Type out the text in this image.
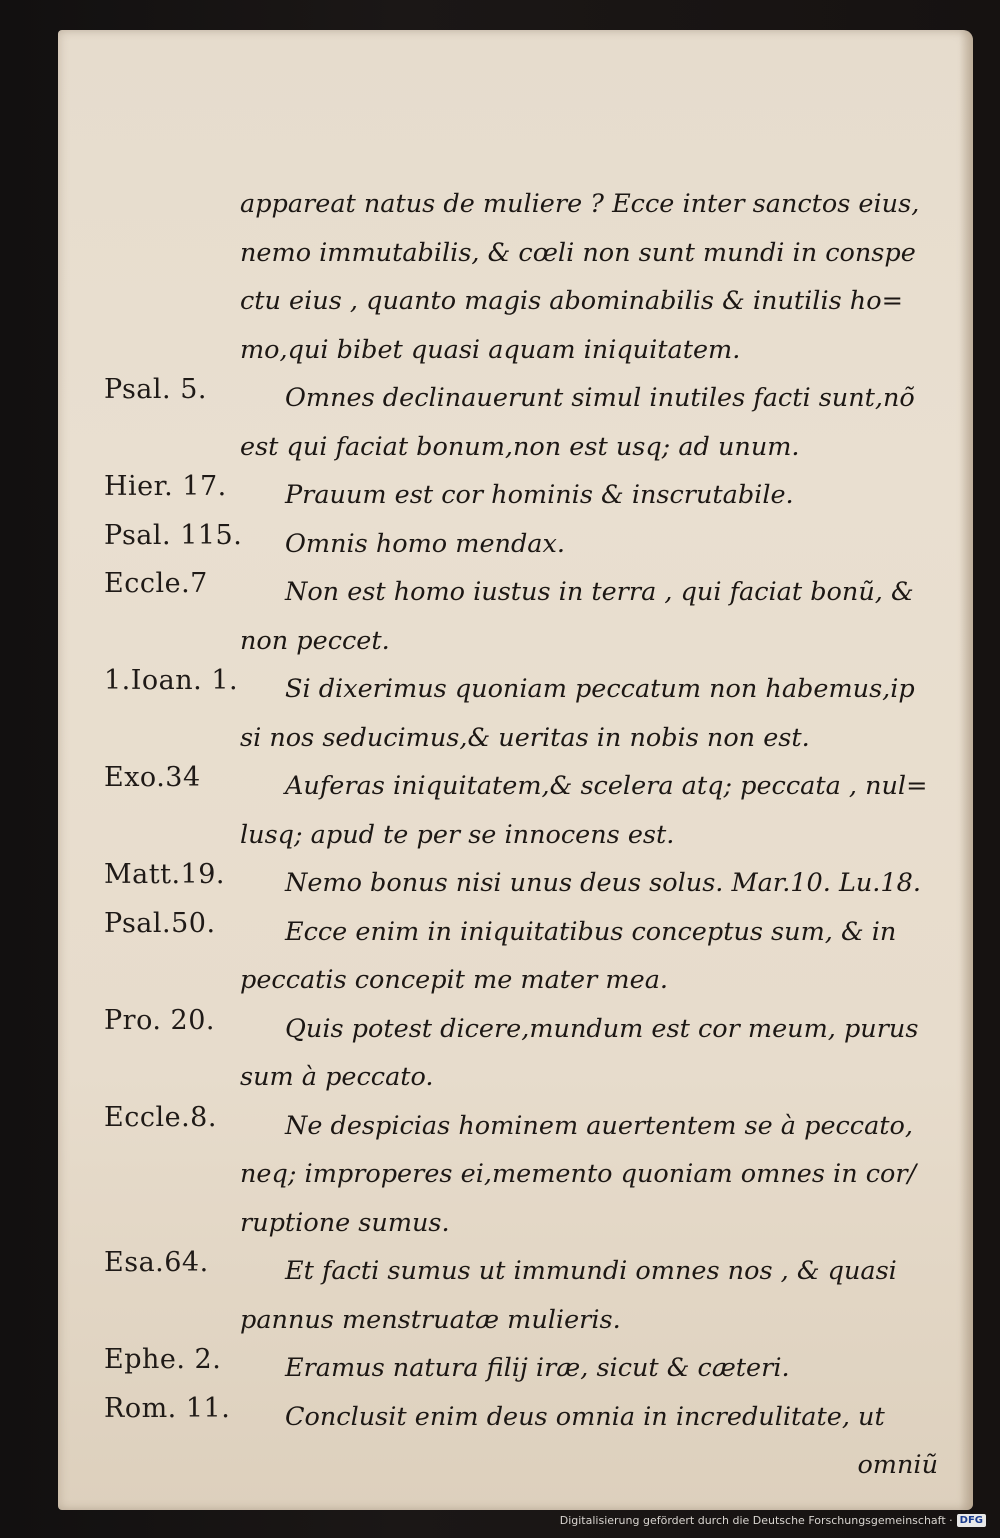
appareat natus de muliere ? Ecce inter sanctos eius,
nemo immutabilis, & cœli non sunt mundi in conspe
ctu eius , quanto magis abominabilis & inutilis ho=
mo,qui bibet quasi aquam iniquitatem.
Psal. 5.	Omnes declinauerunt simul inutiles facti sunt,nõ
est qui faciat bonum,non est usq; ad unum.
Hier. 17.	Prauum est cor hominis & inscrutabile.
Psal. 115.	Omnis homo mendax.
Eccle.7	Non est homo iustus in terra , qui faciat bonũ, &
non peccet.
1.Ioan. 1.	Si dixerimus quoniam peccatum non habemus,ip
si nos seducimus,& ueritas in nobis non est.
Exo.34	Auferas iniquitatem,& scelera atq; peccata , nul=
lusq; apud te per se innocens est.
Matt.19.	Nemo bonus nisi unus deus solus. Mar.10. Lu.18.
Psal.50.	Ecce enim in iniquitatibus conceptus sum, & in
peccatis concepit me mater mea.
Pro. 20.	Quis potest dicere,mundum est cor meum, purus
sum à peccato.
Eccle.8.	Ne despicias hominem auertentem se à peccato,
neq; improperes ei,memento quoniam omnes in cor/
ruptione sumus.
Esa.64.	Et facti sumus ut immundi omnes nos , & quasi
pannus menstruatæ mulieris.
Ephe. 2.	Eramus natura filij iræ, sicut & cæteri.
Rom. 11.	Conclusit enim deus omnia in incredulitate, ut
omniũ
Digitalisierung gefördert durch die Deutsche Forschungsgemeinschaft · DFG
